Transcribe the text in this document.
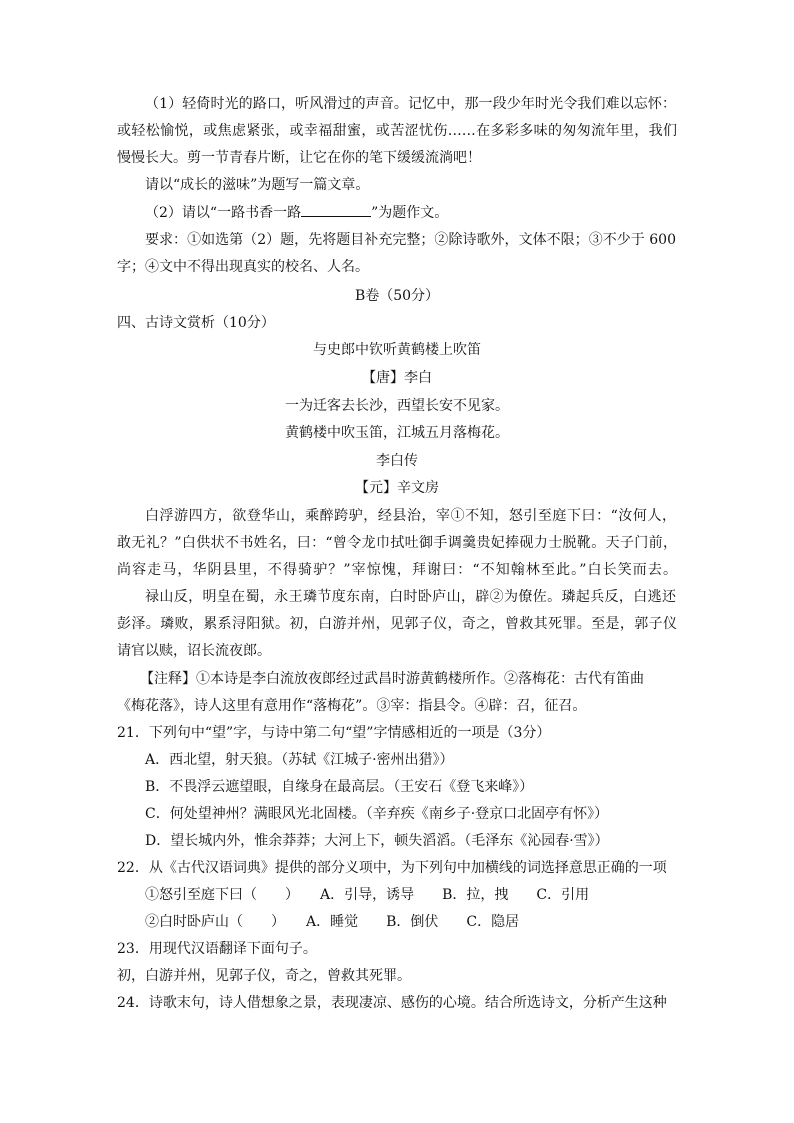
（1）轻倚时光的路口，听风滑过的声音。记忆中，那一段少年时光令我们难以忘怀：
或轻松愉悦，或焦虑紧张，或幸福甜蜜，或苦涩忧伤……在多彩多味的匆匆流年里，我们
慢慢长大。剪一节青春片断，让它在你的笔下缓缓流淌吧！
请以“成长的滋味”为题写一篇文章。
（2）请以“一路书香一路	”为题作文。
要求：①如选第（2）题，先将题目补充完整；②除诗歌外，文体不限；③不少于 600
字；④文中不得出现真实的校名、人名。
B卷（50分）
四、古诗文赏析（10分）
与史郎中钦听黄鹤楼上吹笛
【唐】李白
一为迁客去长沙，西望长安不见家。
黄鹤楼中吹玉笛，江城五月落梅花。
李白传
【元】辛文房
白浮游四方，欲登华山，乘醉跨驴，经县治，宰①不知，怒引至庭下曰：“汝何人，
敢无礼？”白供状不书姓名，曰：“曾令龙巾拭吐御手调羹贵妃捧砚力士脱靴。天子门前，
尚容走马，华阴县里，不得骑驴？”宰惊愧，拜谢曰：“不知翰林至此。”白长笑而去。
禄山反，明皇在蜀，永王璘节度东南，白时卧庐山，辟②为僚佐。璘起兵反，白逃还
彭泽。璘败，累系浔阳狱。初，白游并州，见郭子仪，奇之，曾救其死罪。至是，郭子仪
请官以赎，诏长流夜郎。
【注释】①本诗是李白流放夜郎经过武昌时游黄鹤楼所作。②落梅花：古代有笛曲
《梅花落》，诗人这里有意用作“落梅花”。③宰：指县令。④辟：召，征召。
21．下列句中“望”字，与诗中第二句“望”字情感相近的一项是（3分）
A．西北望，射天狼。（苏轼《江城子·密州出猎》）
B．不畏浮云遮望眼，自缘身在最高层。（王安石《登飞来峰》）
C．何处望神州？满眼风光北固楼。（辛弃疾《南乡子·登京口北固亭有怀》）
D．望长城内外，惟余莽莽；大河上下，顿失滔滔。（毛泽东《沁园春·雪》）
22．从《古代汉语词典》提供的部分义项中，为下列句中加横线的词选择意思正确的一项
①怒引至庭下曰（　　）　　A．引导，诱导　　B．拉，拽　　C．引用
②白时卧庐山（　　）　　A．睡觉　　B．倒伏　　C．隐居
23．用现代汉语翻译下面句子。
初，白游并州，见郭子仪，奇之，曾救其死罪。
24．诗歌末句，诗人借想象之景，表现凄凉、感伤的心境。结合所选诗文，分析产生这种
